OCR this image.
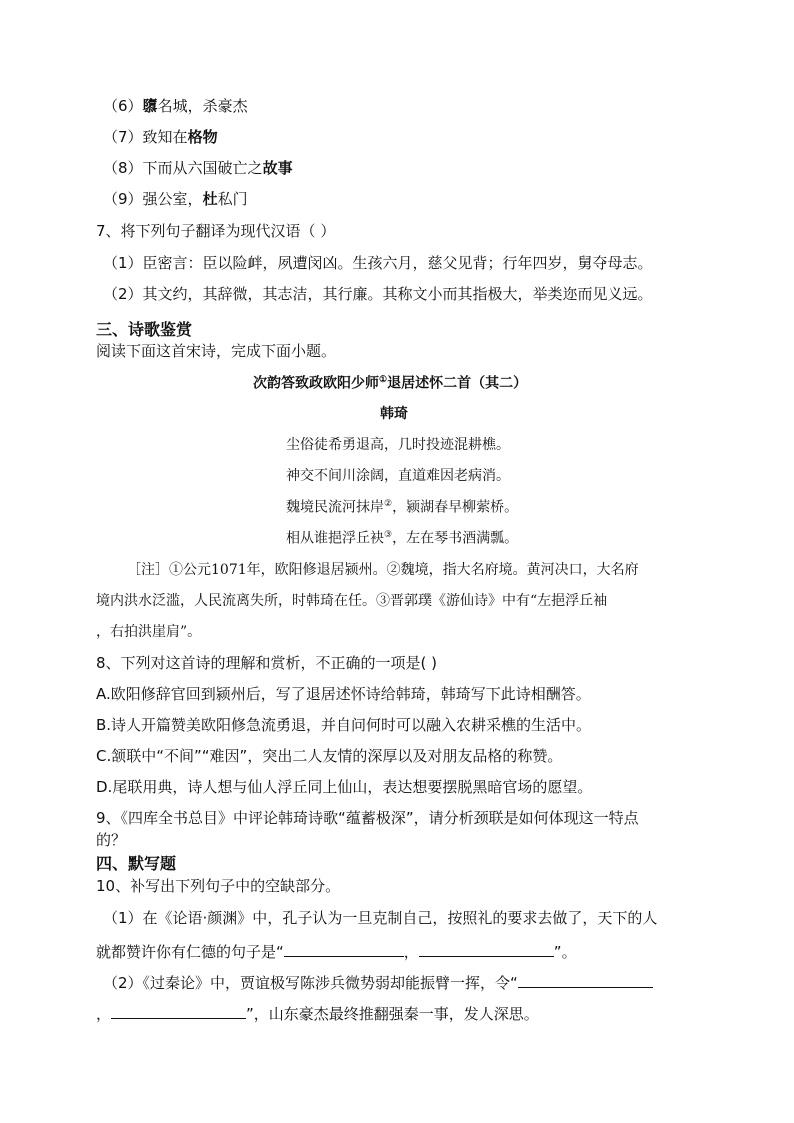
（6）隳名城，杀豪杰
（7）致知在格物
（8）下而从六国破亡之故事
（9）强公室，杜私门
7、将下列句子翻译为现代汉语（ ）
（1）臣密言：臣以险衅，夙遭闵凶。生孩六月，慈父见背；行年四岁，舅夺母志。
（2）其文约，其辞微，其志洁，其行廉。其称文小而其指极大，举类迩而见义远。
三、诗歌鉴赏
阅读下面这首宋诗，完成下面小题。
次韵答致政欧阳少师①退居述怀二首（其二）
韩琦
尘俗徒希勇退高，几时投迹混耕樵。
神交不间川涂阔，直道难因老病消。
魏境民流河抹岸②，颍湖春早柳萦桥。
相从谁挹浮丘袂③，左在琴书酒满瓢。
［注］①公元1071年，欧阳修退居颍州。②魏境，指大名府境。黄河决口，大名府
境内洪水泛滥，人民流离失所，时韩琦在任。③晋郭璞《游仙诗》中有“左挹浮丘袖
，右拍洪崖肩”。
8、下列对这首诗的理解和赏析，不正确的一项是( )
A.欧阳修辞官回到颍州后，写了退居述怀诗给韩琦，韩琦写下此诗相酬答。
B.诗人开篇赞美欧阳修急流勇退，并自问何时可以融入农耕采樵的生活中。
C.颔联中“不间”“难因”，突出二人友情的深厚以及对朋友品格的称赞。
D.尾联用典，诗人想与仙人浮丘同上仙山，表达想要摆脱黑暗官场的愿望。
9、《四库全书总目》中评论韩琦诗歌“蕴蓄极深”，请分析颈联是如何体现这一特点
的？
四、默写题
10、补写出下列句子中的空缺部分。
（1）在《论语·颜渊》中，孔子认为一旦克制自己，按照礼的要求去做了，天下的人
就都赞许你有仁德的句子是“	，	”。
（2）《过秦论》中，贾谊极写陈涉兵微势弱却能振臂一挥，令“
，	”，山东豪杰最终推翻强秦一事，发人深思。
